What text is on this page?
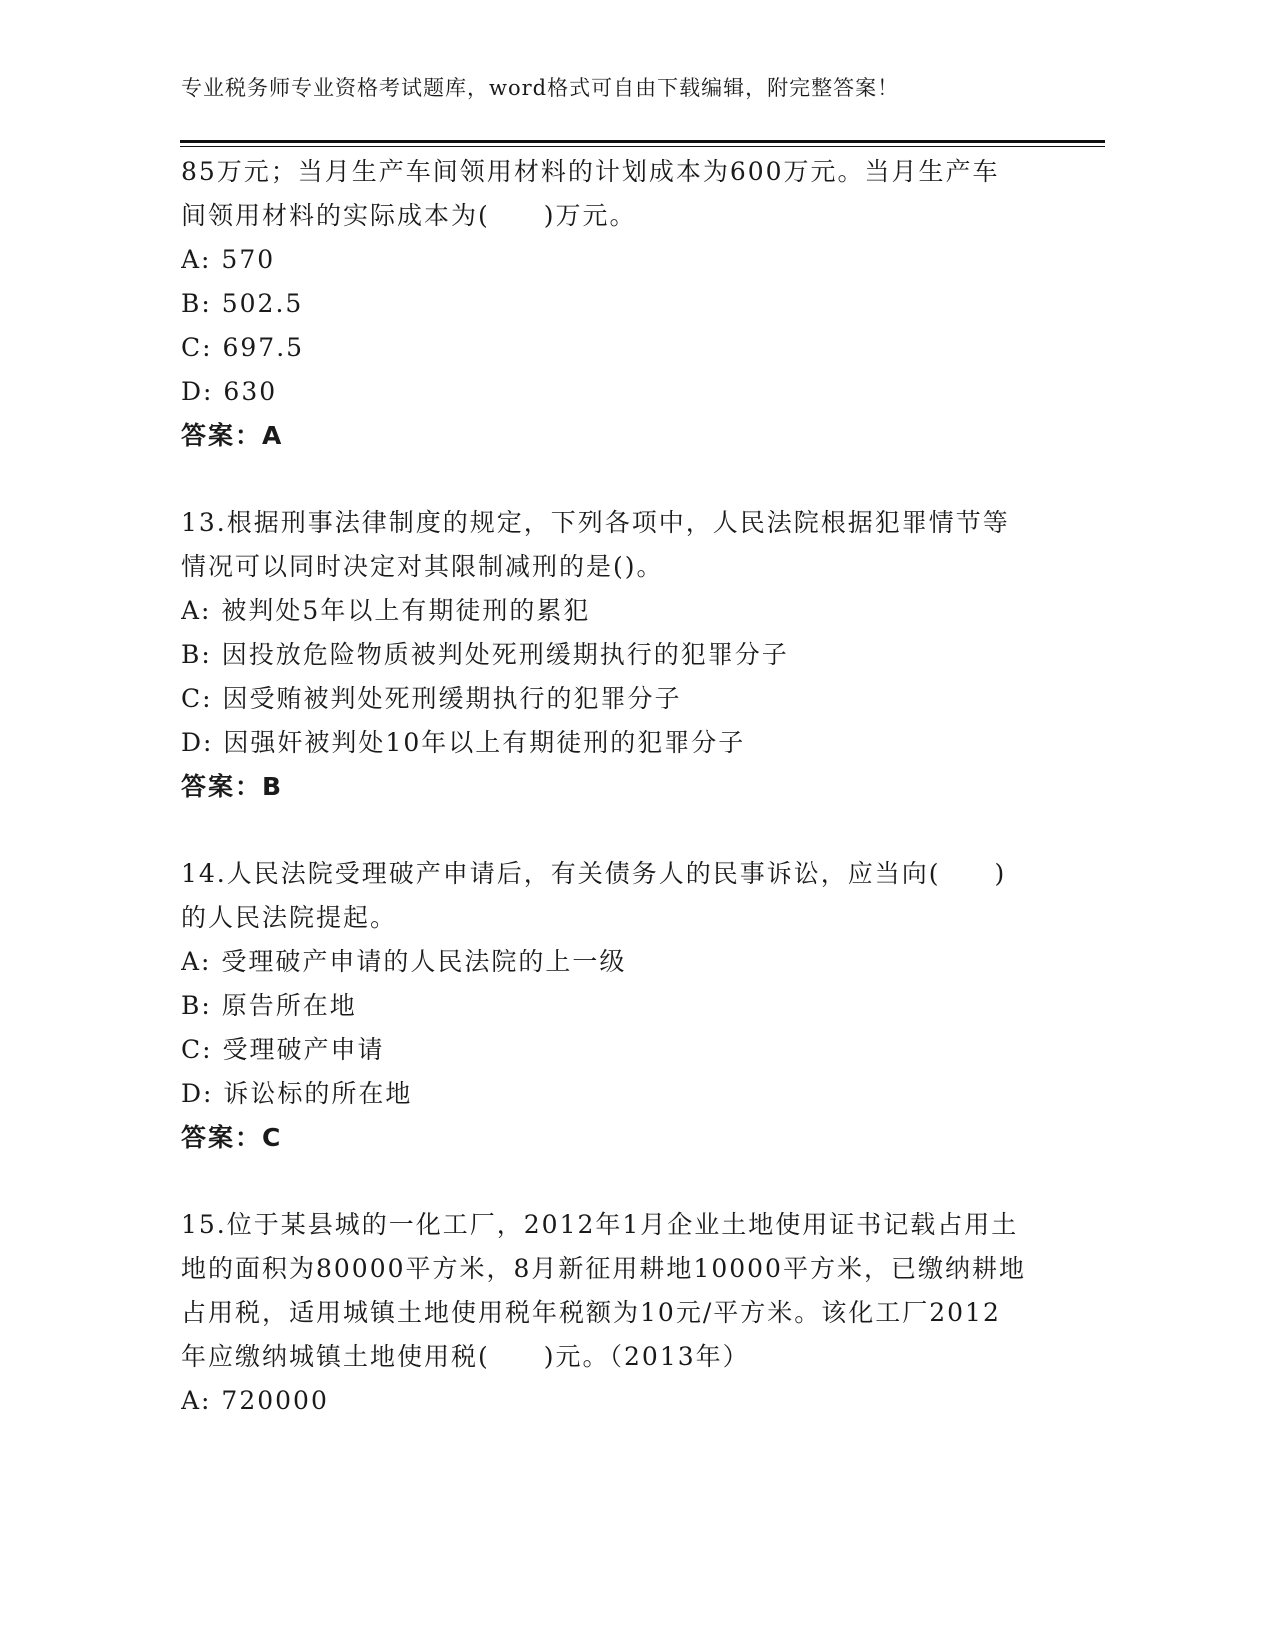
专业税务师专业资格考试题库，word格式可自由下载编辑，附完整答案！
85万元；当月生产车间领用材料的计划成本为600万元。当月生产车
间领用材料的实际成本为(　　)万元。
A: 570
B: 502.5
C: 697.5
D: 630
答案：A
13.根据刑事法律制度的规定，下列各项中，人民法院根据犯罪情节等
情况可以同时决定对其限制减刑的是()。
A: 被判处5年以上有期徒刑的累犯
B: 因投放危险物质被判处死刑缓期执行的犯罪分子
C: 因受贿被判处死刑缓期执行的犯罪分子
D: 因强奸被判处10年以上有期徒刑的犯罪分子
答案：B
14.人民法院受理破产申请后，有关债务人的民事诉讼，应当向(　　)
的人民法院提起。
A: 受理破产申请的人民法院的上一级
B: 原告所在地
C: 受理破产申请
D: 诉讼标的所在地
答案：C
15.位于某县城的一化工厂，2012年1月企业土地使用证书记载占用土
地的面积为80000平方米，8月新征用耕地10000平方米，已缴纳耕地
占用税，适用城镇土地使用税年税额为10元/平方米。该化工厂2012
年应缴纳城镇土地使用税(　　)元。（2013年）
A: 720000
